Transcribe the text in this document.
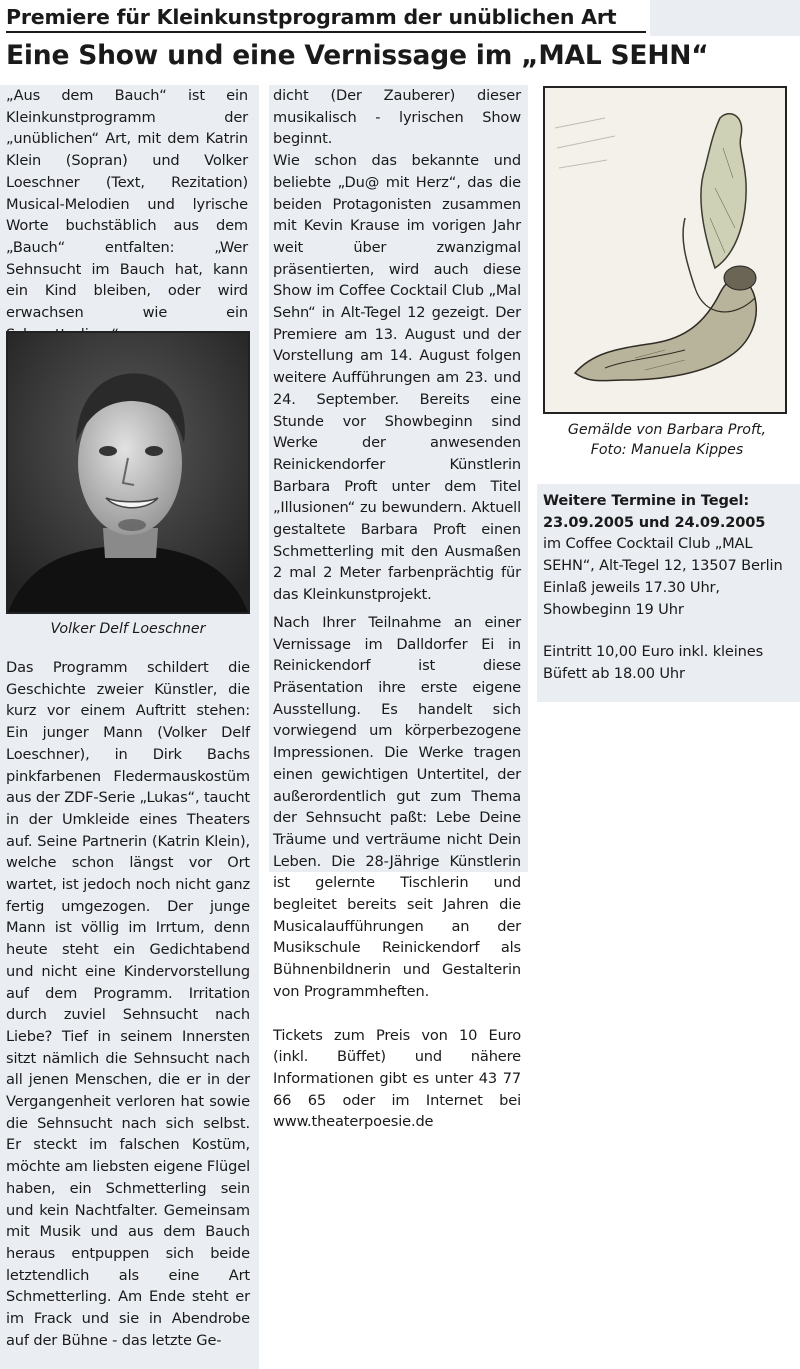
Premiere für Kleinkunstprogramm der unüblichen Art
Eine Show und eine Vernissage im „MAL SEHN“

„Aus dem Bauch“ ist ein Kleinkunstprogramm der „unüblichen“ Art, mit dem Katrin Klein (Sopran) und Volker Loeschner (Text, Rezitation) Musical-Melodien und lyrische Worte buchstäblich aus dem „Bauch“ entfalten: „Wer Sehnsucht im Bauch hat, kann ein Kind bleiben, oder wird erwachsen wie ein

Volker Delf Loeschner

Das Programm schildert die Geschichte zweier Künstler, die kurz vor einem Auftritt stehen: Ein junger Mann (Volker Delf Loeschner), in Dirk Bachs pinkfarbenen Fledermauskostüm aus der ZDF-Serie „Lukas“, taucht in der Umkleide eines Theaters auf. Seine Partnerin (Katrin Klein), welche schon längst vor Ort wartet, ist jedoch noch nicht ganz fertig umgezogen. Der junge Mann ist völlig im Irrtum, denn heute steht ein Gedichtabend und nicht eine Kindervorstellung auf dem Programm. Irritation durch zuviel Sehnsucht nach Liebe? Tief in seinem Innersten sitzt nämlich die Sehnsucht nach all jenen Menschen, die er in der Vergangenheit verloren hat sowie die Sehnsucht nach sich selbst. Er steckt im falschen Kostüm, möchte am liebsten eigene Flügel haben, ein Schmetterling sein und kein Nachtfalter. Gemeinsam mit Musik und aus dem Bauch heraus entpuppen sich beide letztendlich als eine Art Schmetterling. Am Ende steht er im Frack und sie in Abendrobe auf der Bühne - das letzte Ge-

dicht (Der Zauberer) dieser musikalisch - lyrischen Show beginnt.

Wie schon das bekannte und beliebte „Du@ mit Herz“, das die beiden Protagonisten zusammen mit Kevin Krause im vorigen Jahr weit über zwanzigmal präsentierten, wird auch diese Show im Coffee Cocktail Club „Mal Sehn“ in Alt-Tegel 12 gezeigt. Der Premiere am 13. August und der Vorstellung am 14. August folgen weitere Aufführungen am 23. und 24. September. Bereits eine Stunde vor Showbeginn sind Werke der anwesenden Reinickendorfer Künstlerin Barbara Proft unter dem Titel „Illusionen“ zu bewundern. Aktuell gestaltete Barbara Proft einen Schmetterling mit den Ausmaßen 2 mal 2 Meter farbenprächtig für das Kleinkunstprojekt.

Nach Ihrer Teilnahme an einer Vernissage im Dalldorfer Ei in Reinickendorf ist diese Präsentation ihre erste eigene Ausstellung. Es handelt sich vorwiegend um körperbezogene Impressionen. Die Werke tragen einen gewichtigen Untertitel, der außerordentlich gut zum Thema der Sehnsucht paßt: Lebe Deine Träume und verträume nicht Dein Leben. Die 28-Jährige Künstlerin ist gelernte Tischlerin und begleitet bereits seit Jahren die Musicalaufführungen an der Musikschule Reinickendorf als Bühnenbildnerin und Gestalterin von Programmheften.

Tickets zum Preis von 10 Euro (inkl. Büffet) und nähere Informationen gibt es unter 43 77 66 65 oder im Internet bei www.theaterpoesie.de

Gemälde von Barbara Proft,
Foto: Manuela Kippes

Weitere Termine in Tegel:

23.09.2005 und 24.09.2005

im Coffee Cocktail Club „MAL SEHN“, Alt-Tegel 12, 13507 Berlin Einlaß jeweils 17.30 Uhr, Showbeginn 19 Uhr

Eintritt 10,00 Euro inkl. kleines Büfett ab 18.00 Uhr
